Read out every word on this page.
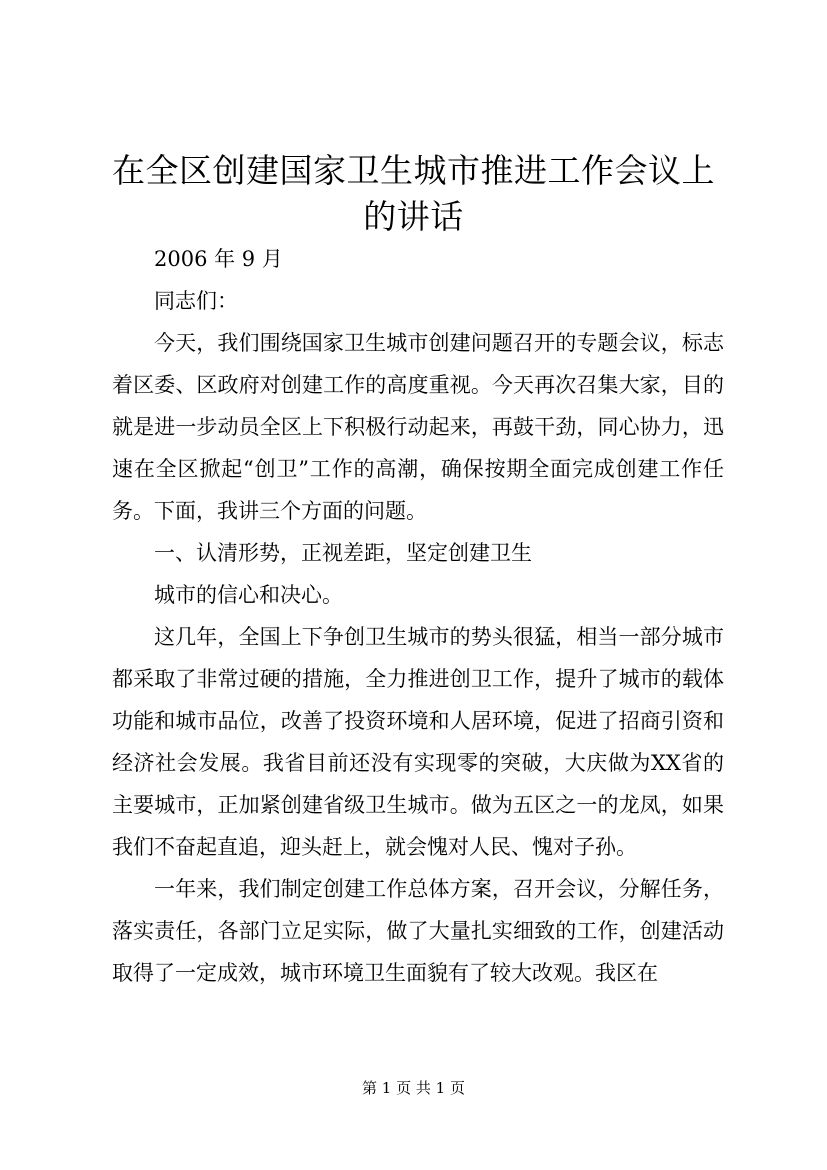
在全区创建国家卫生城市推进工作会议上的讲话

2006 年 9 月

同志们：

今天，我们围绕国家卫生城市创建问题召开的专题会议，标志着区委、区政府对创建工作的高度重视。今天再次召集大家，目的就是进一步动员全区上下积极行动起来，再鼓干劲，同心协力，迅速在全区掀起“创卫”工作的高潮，确保按期全面完成创建工作任务。下面，我讲三个方面的问题。

一、认清形势，正视差距，坚定创建卫生

城市的信心和决心。

这几年，全国上下争创卫生城市的势头很猛，相当一部分城市都采取了非常过硬的措施，全力推进创卫工作，提升了城市的载体功能和城市品位，改善了投资环境和人居环境，促进了招商引资和经济社会发展。我省目前还没有实现零的突破，大庆做为XX省的主要城市，正加紧创建省级卫生城市。做为五区之一的龙凤，如果我们不奋起直追，迎头赶上，就会愧对人民、愧对子孙。

一年来，我们制定创建工作总体方案，召开会议，分解任务，落实责任，各部门立足实际，做了大量扎实细致的工作，创建活动取得了一定成效，城市环境卫生面貌有了较大改观。我区在

第 1 页 共 1 页
